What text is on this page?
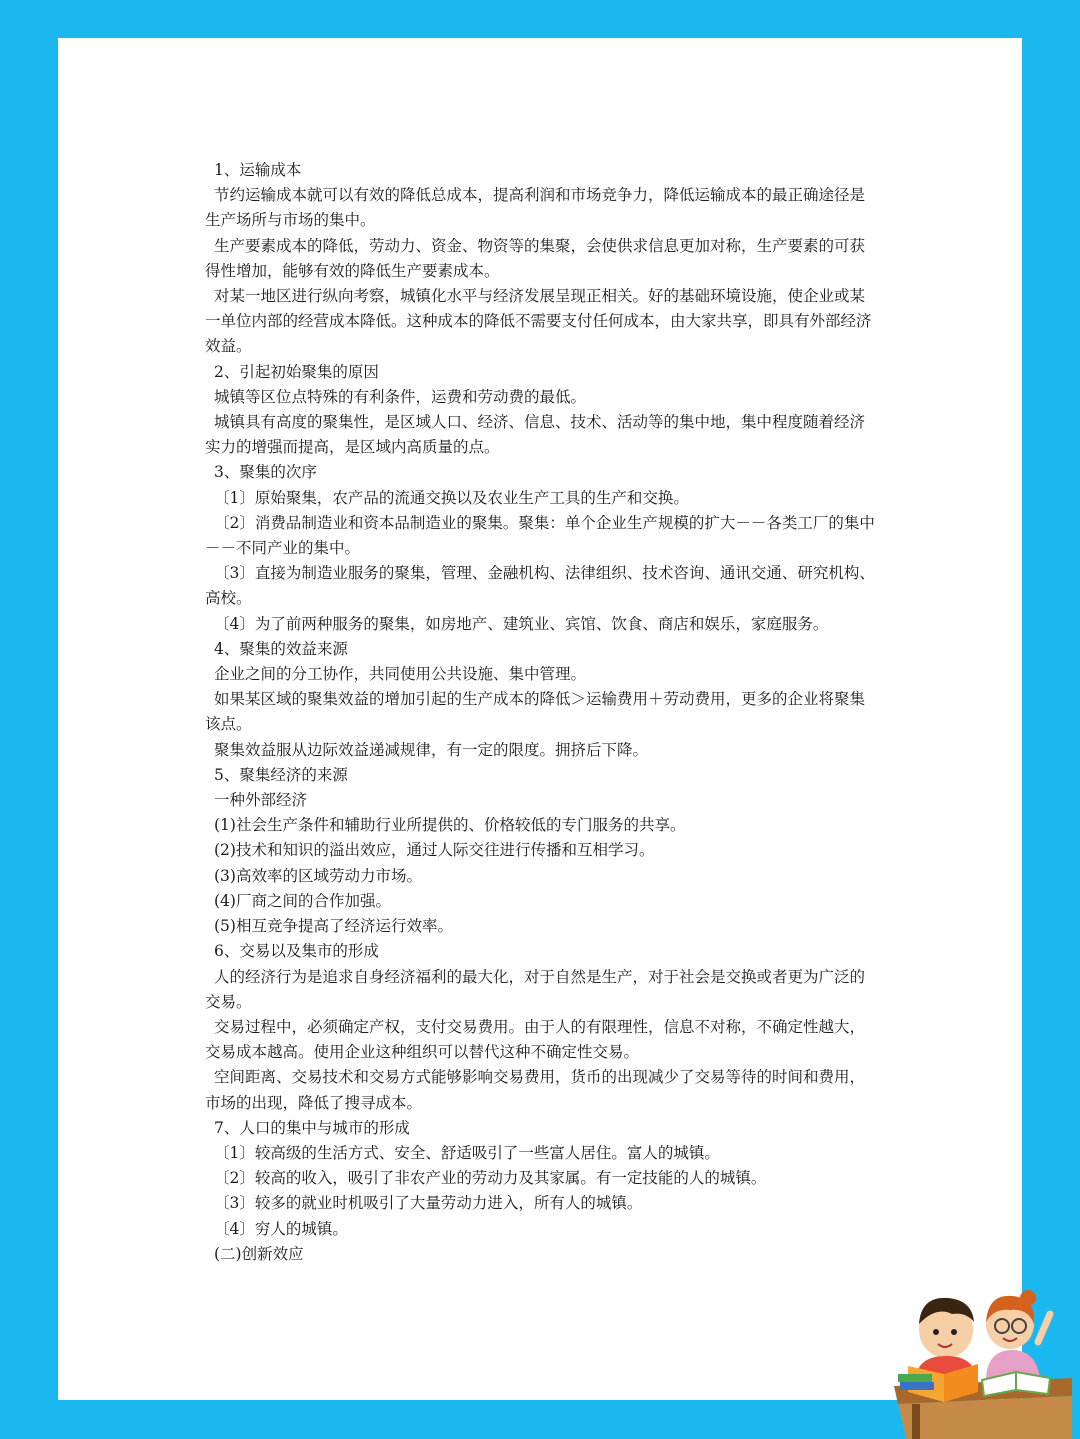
1、运输成本

节约运输成本就可以有效的降低总成本，提高利润和市场竞争力，降低运输成本的最正确途径是生产场所与市场的集中。

生产要素成本的降低，劳动力、资金、物资等的集聚，会使供求信息更加对称，生产要素的可获得性增加，能够有效的降低生产要素成本。

对某一地区进行纵向考察，城镇化水平与经济发展呈现正相关。好的基础环境设施，使企业或某一单位内部的经营成本降低。这种成本的降低不需要支付任何成本，由大家共享，即具有外部经济效益。

2、引起初始聚集的原因

城镇等区位点特殊的有利条件，运费和劳动费的最低。

城镇具有高度的聚集性，是区域人口、经济、信息、技术、活动等的集中地，集中程度随着经济实力的增强而提高，是区域内高质量的点。

3、聚集的次序

〔1〕原始聚集，农产品的流通交换以及农业生产工具的生产和交换。

〔2〕消费品制造业和资本品制造业的聚集。聚集：单个企业生产规模的扩大－－各类工厂的集中－－不同产业的集中。

〔3〕直接为制造业服务的聚集，管理、金融机构、法律组织、技术咨询、通讯交通、研究机构、高校。

〔4〕为了前两种服务的聚集，如房地产、建筑业、宾馆、饮食、商店和娱乐，家庭服务。

4、聚集的效益来源

企业之间的分工协作，共同使用公共设施、集中管理。

如果某区域的聚集效益的增加引起的生产成本的降低＞运输费用＋劳动费用，更多的企业将聚集该点。

聚集效益服从边际效益递减规律，有一定的限度。拥挤后下降。

5、聚集经济的来源

一种外部经济

(1)社会生产条件和辅助行业所提供的、价格较低的专门服务的共享。

(2)技术和知识的溢出效应，通过人际交往进行传播和互相学习。

(3)高效率的区域劳动力市场。

(4)厂商之间的合作加强。

(5)相互竞争提高了经济运行效率。

6、交易以及集市的形成

人的经济行为是追求自身经济福利的最大化，对于自然是生产，对于社会是交换或者更为广泛的交易。

交易过程中，必须确定产权，支付交易费用。由于人的有限理性，信息不对称，不确定性越大，交易成本越高。使用企业这种组织可以替代这种不确定性交易。

空间距离、交易技术和交易方式能够影响交易费用，货币的出现减少了交易等待的时间和费用，市场的出现，降低了搜寻成本。

7、人口的集中与城市的形成

〔1〕较高级的生活方式、安全、舒适吸引了一些富人居住。富人的城镇。

〔2〕较高的收入，吸引了非农产业的劳动力及其家属。有一定技能的人的城镇。

〔3〕较多的就业时机吸引了大量劳动力进入，所有人的城镇。

〔4〕穷人的城镇。

(二)创新效应
